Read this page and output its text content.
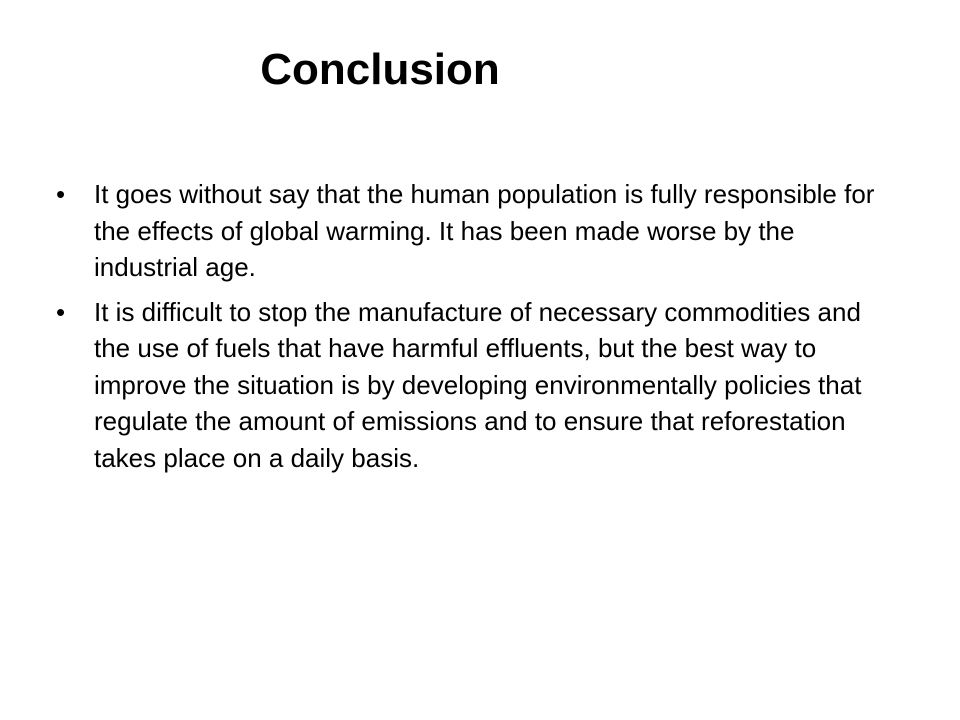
Conclusion
• It goes without say that the human population is fully responsible for the effects of global warming. It has been made worse by the industrial age.
• It is difficult to stop the manufacture of necessary commodities and the use of fuels that have harmful effluents, but the best way to improve the situation is by developing environmentally policies that regulate the amount of emissions and to ensure that reforestation takes place on a daily basis.
